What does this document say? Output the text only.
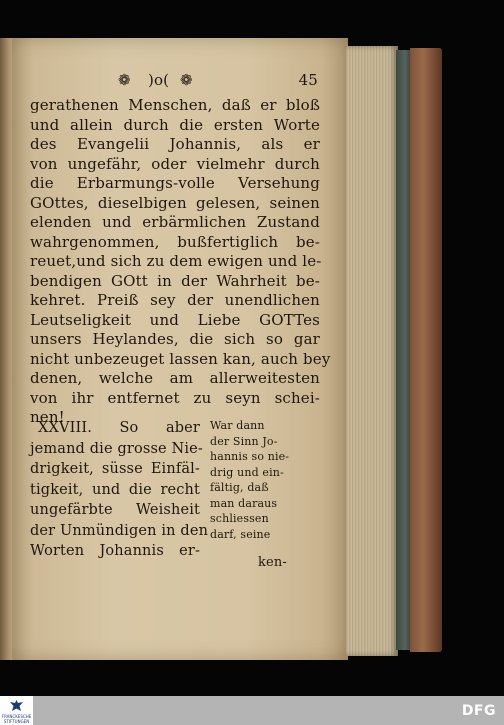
❁ )o( ❁	45
gerathenen Menschen, daß er bloß
und allein durch die ersten Worte
des Evangelii Johannis, als er
von ungefähr, oder vielmehr durch
die Erbarmungs-volle Versehung
GOttes, dieselbigen gelesen, seinen
elenden und erbärmlichen Zustand
wahrgenommen, bußfertiglich be-
reuet,und sich zu dem ewigen und le-
bendigen GOtt in der Wahrheit be-
kehret. Preiß sey der unendlichen
Leutseligkeit und Liebe GOTTes
unsers Heylandes, die sich so gar
nicht unbezeuget lassen kan, auch bey
denen, welche am allerweitesten
von ihr entfernet zu seyn schei-
nen!
XXVIII. So aber
jemand die grosse Nie-
drigkeit, süsse Einfäl-
tigkeit, und die recht
ungefärbte Weisheit
der Unmündigen in den
Worten Johannis er-
War dann
der Sinn Jo-
hannis so nie-
drig und ein-
fältig, daß
man daraus
schliessen
darf, seine
ken-
FRANCKESCHE
STIFTUNGEN
DFG
